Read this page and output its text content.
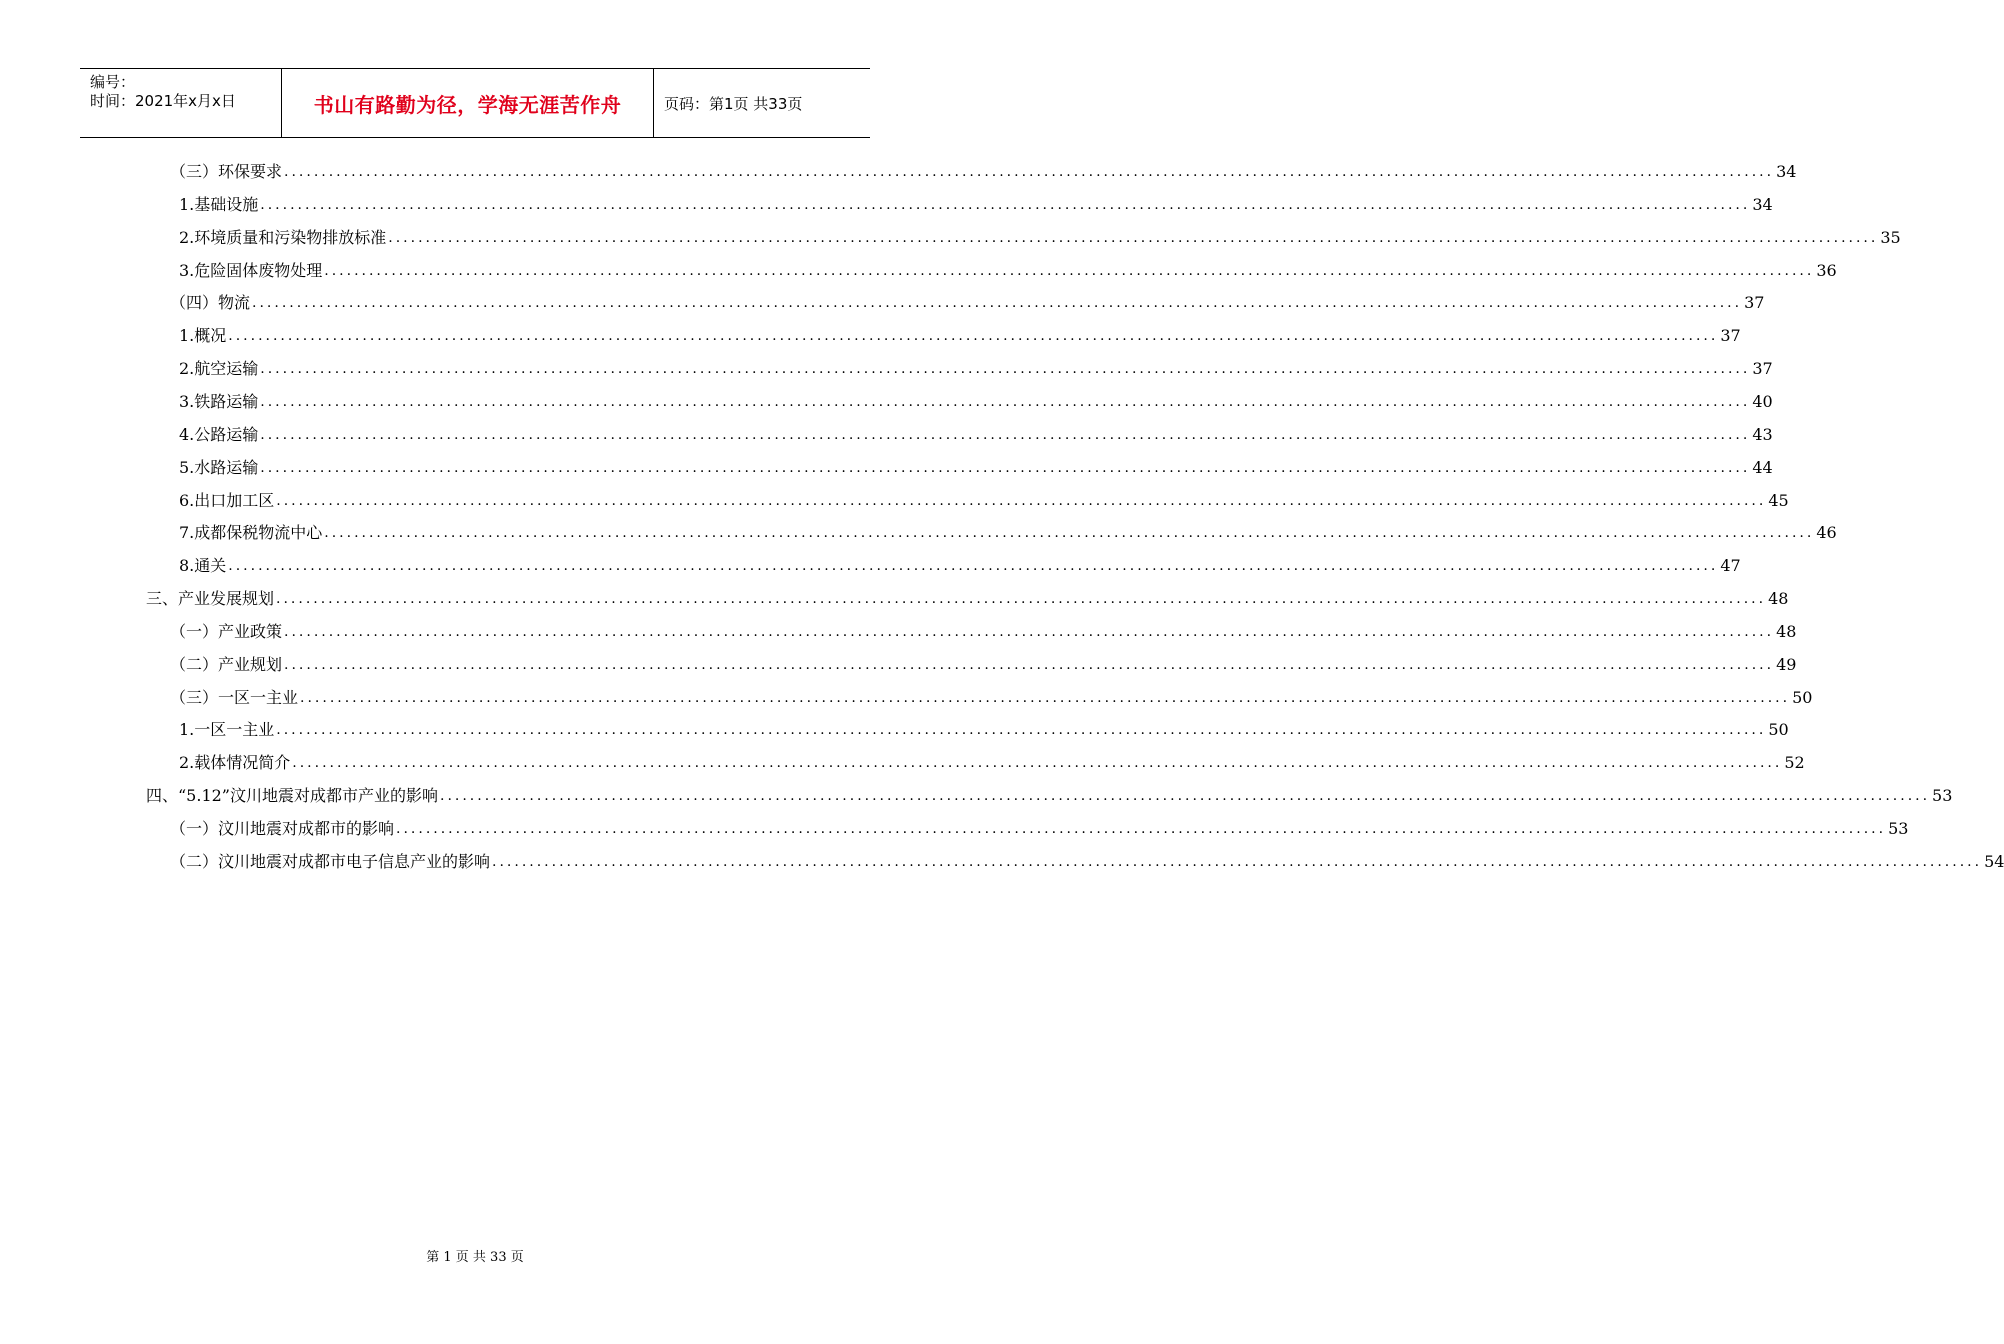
编号：
时间：2021年x月x日	书山有路勤为径，学海无涯苦作舟	页码：第1页 共33页
（三）环保要求 ........................................................................................................................................................................................................ 34
1.基础设施 ........................................................................................................................................................................................................ 34
2.环境质量和污染物排放标准 ........................................................................................................................................................................................................ 35
3.危险固体废物处理 ........................................................................................................................................................................................................ 36
（四）物流 ........................................................................................................................................................................................................ 37
1.概况 ........................................................................................................................................................................................................ 37
2.航空运输 ........................................................................................................................................................................................................ 37
3.铁路运输 ........................................................................................................................................................................................................ 40
4.公路运输 ........................................................................................................................................................................................................ 43
5.水路运输 ........................................................................................................................................................................................................ 44
6.出口加工区 ........................................................................................................................................................................................................ 45
7.成都保税物流中心 ........................................................................................................................................................................................................ 46
8.通关 ........................................................................................................................................................................................................ 47
三、产业发展规划 ........................................................................................................................................................................................................ 48
（一）产业政策 ........................................................................................................................................................................................................ 48
（二）产业规划 ........................................................................................................................................................................................................ 49
（三）一区一主业 ........................................................................................................................................................................................................ 50
1.一区一主业 ........................................................................................................................................................................................................ 50
2.载体情况简介 ........................................................................................................................................................................................................ 52
四、“5.12”汶川地震对成都市产业的影响 ........................................................................................................................................................................................................ 53
（一）汶川地震对成都市的影响 ........................................................................................................................................................................................................ 53
（二）汶川地震对成都市电子信息产业的影响 ........................................................................................................................................................................................................ 54
第 1 页 共 33 页
